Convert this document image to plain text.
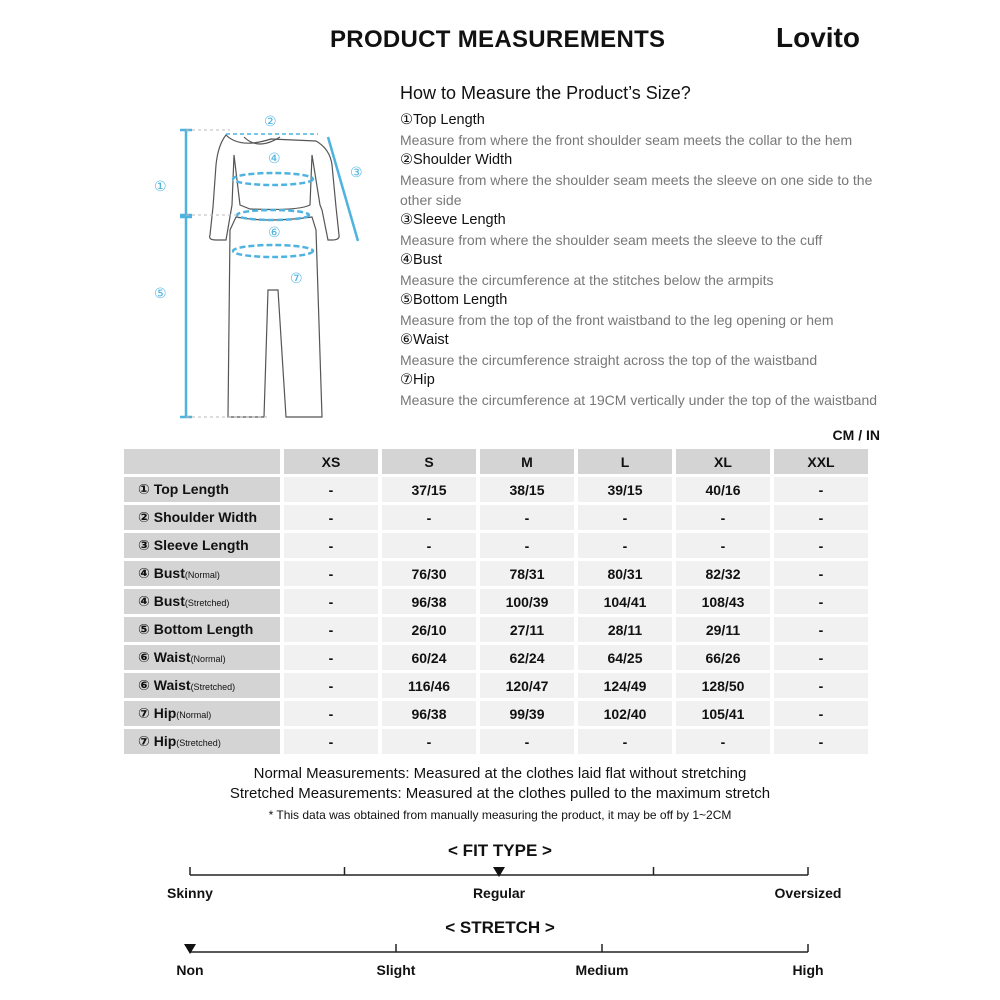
PRODUCT MEASUREMENTS	Lovito
①
②
③
④
⑤
⑥
⑦
How to Measure the Product’s Size?
①Top Length
Measure from where the front shoulder seam meets the collar to the hem
②Shoulder Width
Measure from where the shoulder seam meets the sleeve on one side to the other side
③Sleeve Length
Measure from where the shoulder seam meets the sleeve to the cuff
④Bust
Measure the circumference at the stitches below the armpits
⑤Bottom Length
Measure from the top of the front waistband to the leg opening or hem
⑥Waist
Measure the circumference straight across the top of the waistband
⑦Hip
Measure the circumference at 19CM vertically under the top of the waistband
CM / IN
	XS	S	M	L	XL	XXL
① Top Length	-	37/15	38/15	39/15	40/16	-
② Shoulder Width	-	-	-	-	-	-
③ Sleeve Length	-	-	-	-	-	-
④ Bust(Normal)	-	76/30	78/31	80/31	82/32	-
④ Bust(Stretched)	-	96/38	100/39	104/41	108/43	-
⑤ Bottom Length	-	26/10	27/11	28/11	29/11	-
⑥ Waist(Normal)	-	60/24	62/24	64/25	66/26	-
⑥ Waist(Stretched)	-	116/46	120/47	124/49	128/50	-
⑦ Hip(Normal)	-	96/38	99/39	102/40	105/41	-
⑦ Hip(Stretched)	-	-	-	-	-	-
Normal Measurements: Measured at the clothes laid flat without stretching
Stretched Measurements: Measured at the clothes pulled to the maximum stretch
* This data was obtained from manually measuring the product, it may be off by 1~2CM
< FIT TYPE >
Skinny	Regular	Oversized
< STRETCH >
Non	Slight	Medium	High
